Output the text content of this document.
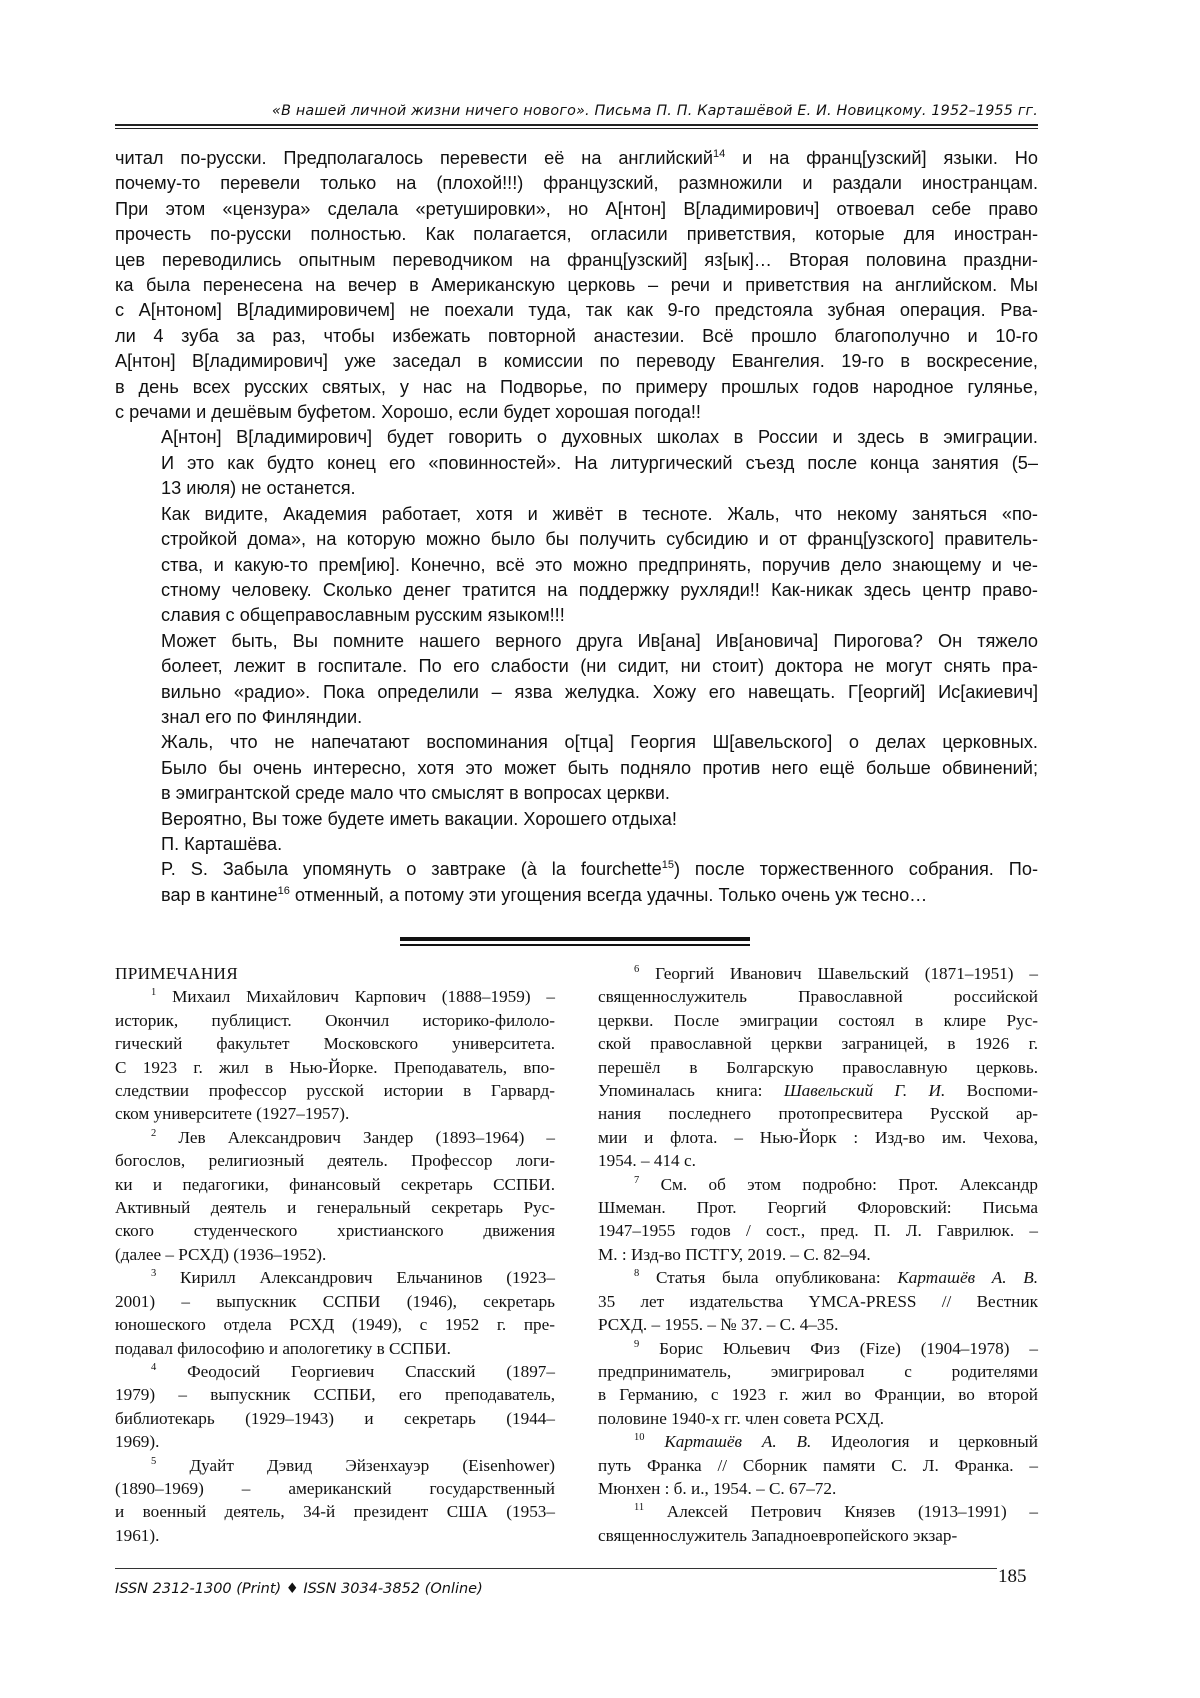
«В нашей личной жизни ничего нового». Письма П. П. Карташёвой Е. И. Новицкому. 1952–1955 гг.

читал по-русски. Предполагалось перевести её на английский$^{14}$ и на франц[узский] языки. Но
почему-то перевели только на (плохой!!!) французский, размножили и раздали иностранцам.
При этом «цензура» сделала «ретушировки», но А[нтон] В[ладимирович] отвоевал себе право
прочесть по-русски полностью. Как полагается, огласили приветствия, которые для иностран-
цев переводились опытным переводчиком на франц[узский] яз[ык]… Вторая половина праздни-
ка была перенесена на вечер в Американскую церковь – речи и приветствия на английском. Мы
с А[нтоном] В[ладимировичем] не поехали туда, так как 9-го предстояла зубная операция. Рва-
ли 4 зуба за раз, чтобы избежать повторной анастезии. Всё прошло благополучно и 10-го
А[нтон] В[ладимирович] уже заседал в комиссии по переводу Евангелия. 19-го в воскресение,
в день всех русских святых, у нас на Подворье, по примеру прошлых годов народное гулянье,
с речами и дешёвым буфетом. Хорошо, если будет хорошая погода!!

А[нтон] В[ладимирович] будет говорить о духовных школах в России и здесь в эмиграции.
И это как будто конец его «повинностей». На литургический съезд после конца занятия (5–
13 июля) не останется.

Как видите, Академия работает, хотя и живёт в тесноте. Жаль, что некому заняться «по-
стройкой дома», на которую можно было бы получить субсидию и от франц[узского] правитель-
ства, и какую-то прем[ию]. Конечно, всё это можно предпринять, поручив дело знающему и че-
стному человеку. Сколько денег тратится на поддержку рухляди!! Как-никак здесь центр право-
славия с общеправославным русским языком!!!

Может быть, Вы помните нашего верного друга Ив[ана] Ив[ановича] Пирогова? Он тяжело
болеет, лежит в госпитале. По его слабости (ни сидит, ни стоит) доктора не могут снять пра-
вильно «радио». Пока определили – язва желудка. Хожу его навещать. Г[еоргий] Ис[акиевич]
знал его по Финляндии.

Жаль, что не напечатают воспоминания о[тца] Георгия Ш[авельского] о делах церковных.
Было бы очень интересно, хотя это может быть подняло против него ещё больше обвинений;
в эмигрантской среде мало что смыслят в вопросах церкви.

Вероятно, Вы тоже будете иметь вакации. Хорошего отдыха!

П. Карташёва.

P. S. Забыла упомянуть о завтраке (à la fourchette$^{15}$) после торжественного собрания. По-
вар в кантине$^{16}$ отменный, а потому эти угощения всегда удачны. Только очень уж тесно…

ПРИМЕЧАНИЯ
$^1$ Михаил Михайлович Карпович (1888–1959) –
историк, публицист. Окончил историко-филоло-
гический факультет Московского университета.
С 1923 г. жил в Нью-Йорке. Преподаватель, впо-
следствии профессор русской истории в Гарвард-
ском университете (1927–1957).
$^2$ Лев Александрович Зандер (1893–1964) –
богослов, религиозный деятель. Профессор логи-
ки и педагогики, финансовый секретарь ССПБИ.
Активный деятель и генеральный секретарь Рус-
ского студенческого христианского движения
(далее – РСХД) (1936–1952).
$^3$ Кирилл Александрович Ельчанинов (1923–
2001) – выпускник ССПБИ (1946), секретарь
юношеского отдела РСХД (1949), с 1952 г. пре-
подавал философию и апологетику в ССПБИ.
$^4$ Феодосий Георгиевич Спасский (1897–
1979) – выпускник ССПБИ, его преподаватель,
библиотекарь (1929–1943) и секретарь (1944–
1969).
$^5$ Дуайт Дэвид Эйзенхауэр (Eisenhower)
(1890–1969) – американский государственный
и военный деятель, 34-й президент США (1953–
1961).
$^6$ Георгий Иванович Шавельский (1871–1951) –
священнослужитель Православной российской
церкви. После эмиграции состоял в клире Рус-
ской православной церкви заграницей, в 1926 г.
перешёл в Болгарскую православную церковь.
Упоминалась книга: Шавельский Г. И. Воспоми-
нания последнего протопресвитера Русской ар-
мии и флота. – Нью-Йорк : Изд-во им. Чехова,
1954. – 414 с.
$^7$ См. об этом подробно: Прот. Александр
Шмеман. Прот. Георгий Флоровский: Письма
1947–1955 годов / сост., пред. П. Л. Гаврилюк. –
М. : Изд-во ПСТГУ, 2019. – С. 82–94.
$^8$ Статья была опубликована: Карташёв А. В.
35 лет издательства YMCA-PRESS // Вестник
РСХД. – 1955. – № 37. – С. 4–35.
$^9$ Борис Юльевич Физ (Fize) (1904–1978) –
предприниматель, эмигрировал с родителями
в Германию, с 1923 г. жил во Франции, во второй
половине 1940-х гг. член совета РСХД.
$^{10}$ Карташёв А. В. Идеология и церковный
путь Франка // Сборник памяти С. Л. Франка. –
Мюнхен : б. и., 1954. – С. 67–72.
$^{11}$ Алексей Петрович Князев (1913–1991) –
священнослужитель Западноевропейского экзар-
ISSN 2312-1300 (Print) ♦ ISSN 3034-3852 (Online)
185
